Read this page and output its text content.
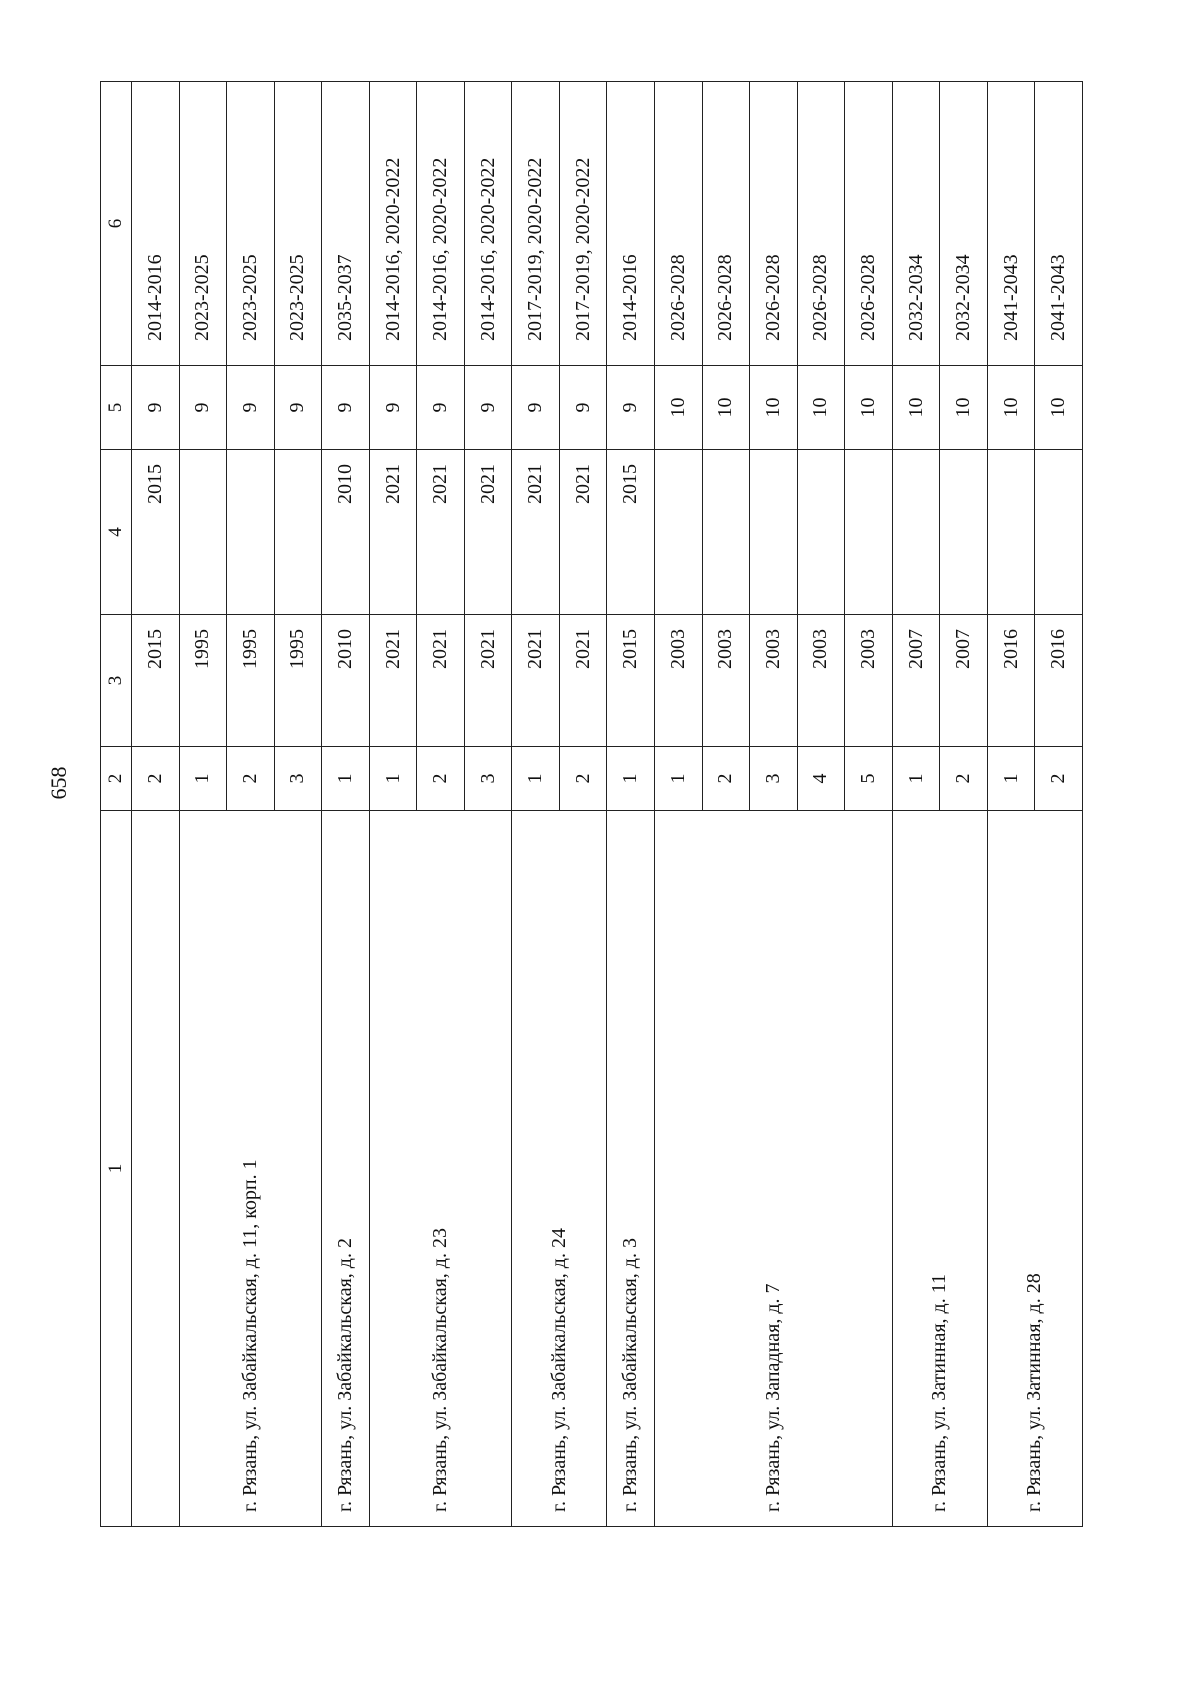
658
1	2	3	4	5	6
	2	2015	2015	9	2014-2016
г. Рязань, ул. Забайкальская, д. 11, корп. 1	1	1995		9	2023-2025
	2	1995		9	2023-2025
	3	1995		9	2023-2025
г. Рязань, ул. Забайкальская, д. 2	1	2010	2010	9	2035-2037
г. Рязань, ул. Забайкальская, д. 23	1	2021	2021	9	2014-2016, 2020-2022
	2	2021	2021	9	2014-2016, 2020-2022
	3	2021	2021	9	2014-2016, 2020-2022
г. Рязань, ул. Забайкальская, д. 24	1	2021	2021	9	2017-2019, 2020-2022
	2	2021	2021	9	2017-2019, 2020-2022
г. Рязань, ул. Забайкальская, д. 3	1	2015	2015	9	2014-2016
г. Рязань, ул. Западная, д. 7	1	2003		10	2026-2028
	2	2003		10	2026-2028
	3	2003		10	2026-2028
	4	2003		10	2026-2028
	5	2003		10	2026-2028
г. Рязань, ул. Затинная, д. 11	1	2007		10	2032-2034
	2	2007		10	2032-2034
г. Рязань, ул. Затинная, д. 28	1	2016		10	2041-2043
	2	2016		10	2041-2043
